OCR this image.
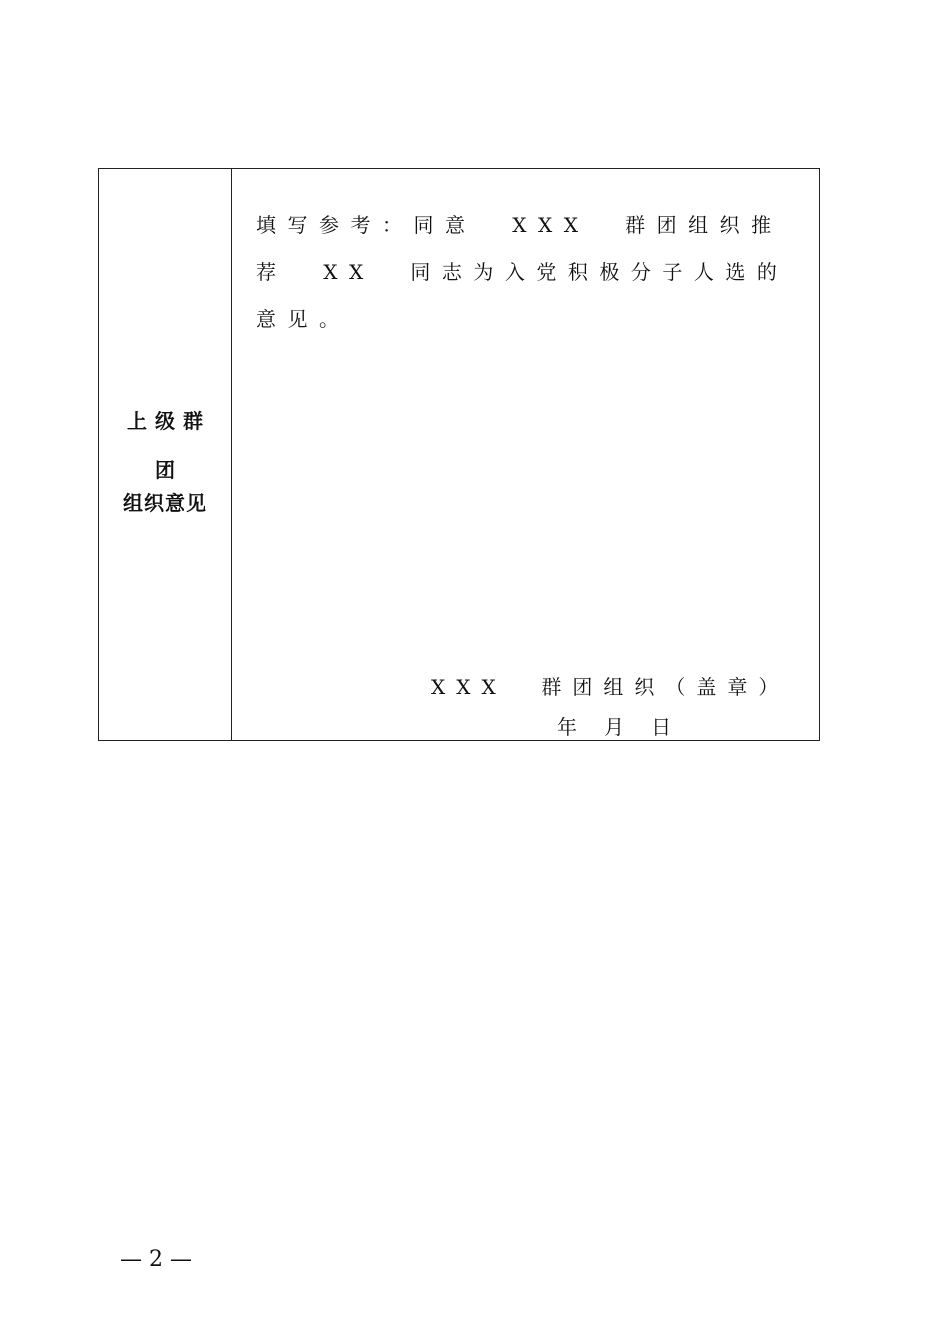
上级群
团
组织意见
填写参考：同意  XXX  群团组织推
荐  XX  同志为入党积极分子人选的
意见。
XXX  群团组织（盖章）
年   月   日
— 2 —
